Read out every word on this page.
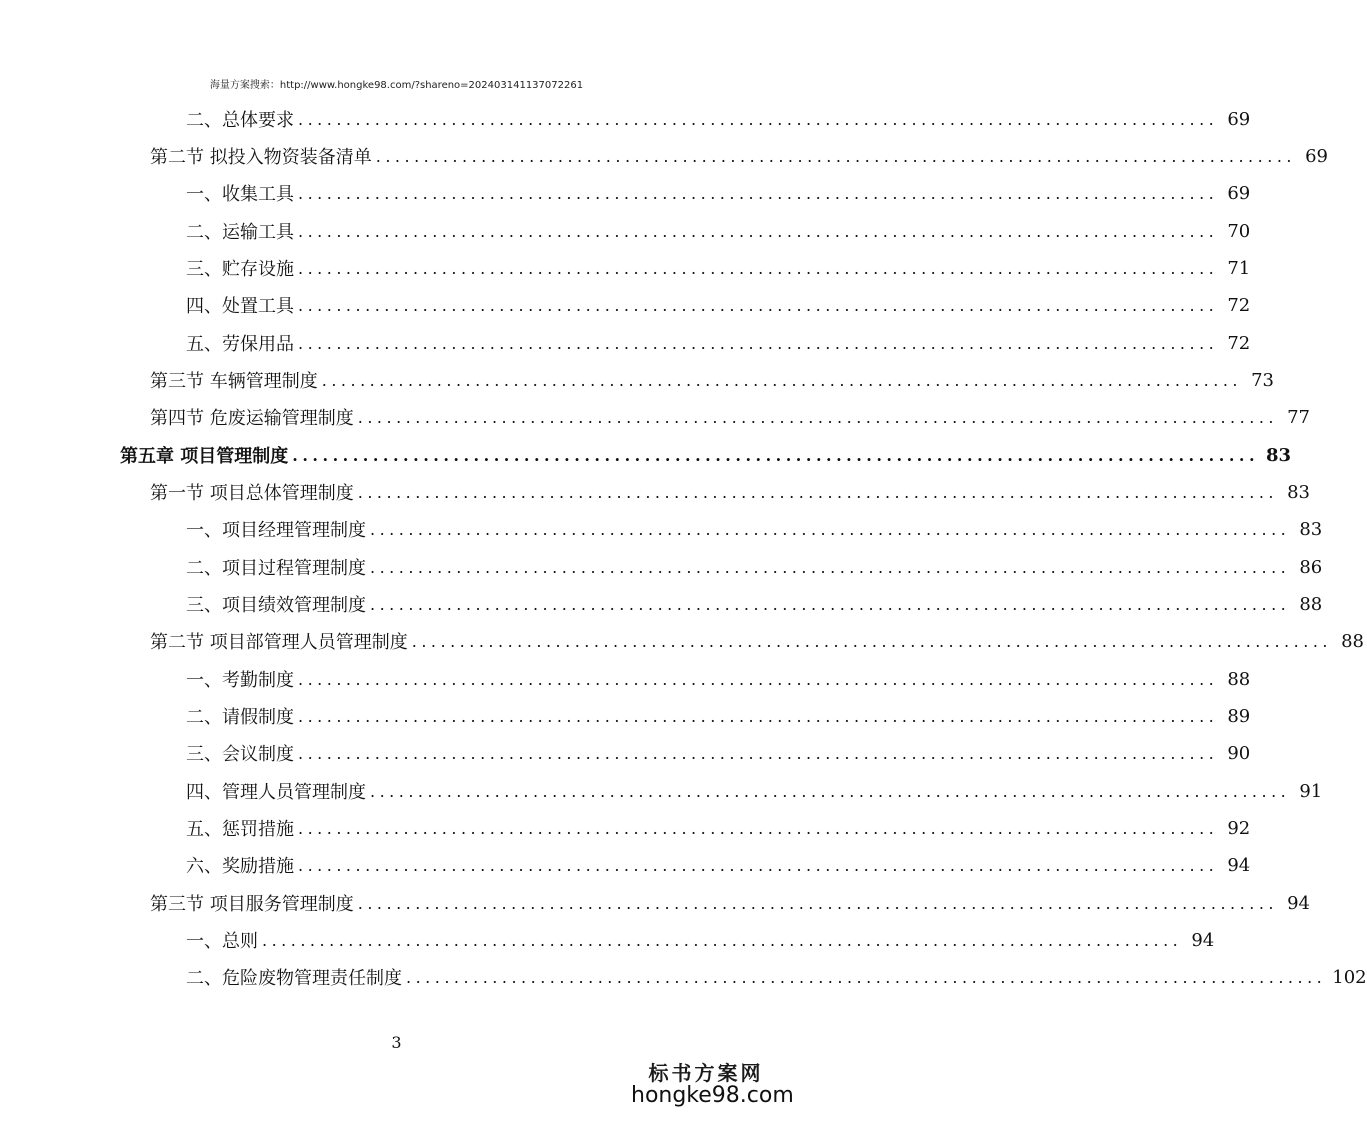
海量方案搜索：http://www.hongke98.com/?shareno=202403141137072261
二、总体要求 ................................................................................................ 69
第二节 拟投入物资装备清单 ................................................................................................ 69
一、收集工具 ................................................................................................ 69
二、运输工具 ................................................................................................ 70
三、贮存设施 ................................................................................................ 71
四、处置工具 ................................................................................................ 72
五、劳保用品 ................................................................................................ 72
第三节 车辆管理制度 ................................................................................................ 73
第四节 危废运输管理制度 ................................................................................................ 77
第五章 项目管理制度 ................................................................................................ 83
第一节 项目总体管理制度 ................................................................................................ 83
一、项目经理管理制度 ................................................................................................ 83
二、项目过程管理制度 ................................................................................................ 86
三、项目绩效管理制度 ................................................................................................ 88
第二节 项目部管理人员管理制度 ................................................................................................ 88
一、考勤制度 ................................................................................................ 88
二、请假制度 ................................................................................................ 89
三、会议制度 ................................................................................................ 90
四、管理人员管理制度 ................................................................................................ 91
五、惩罚措施 ................................................................................................ 92
六、奖励措施 ................................................................................................ 94
第三节 项目服务管理制度 ................................................................................................ 94
一、总则 ................................................................................................ 94
二、危险废物管理责任制度 ................................................................................................ 102
3
标书方案网
hongke98.com
